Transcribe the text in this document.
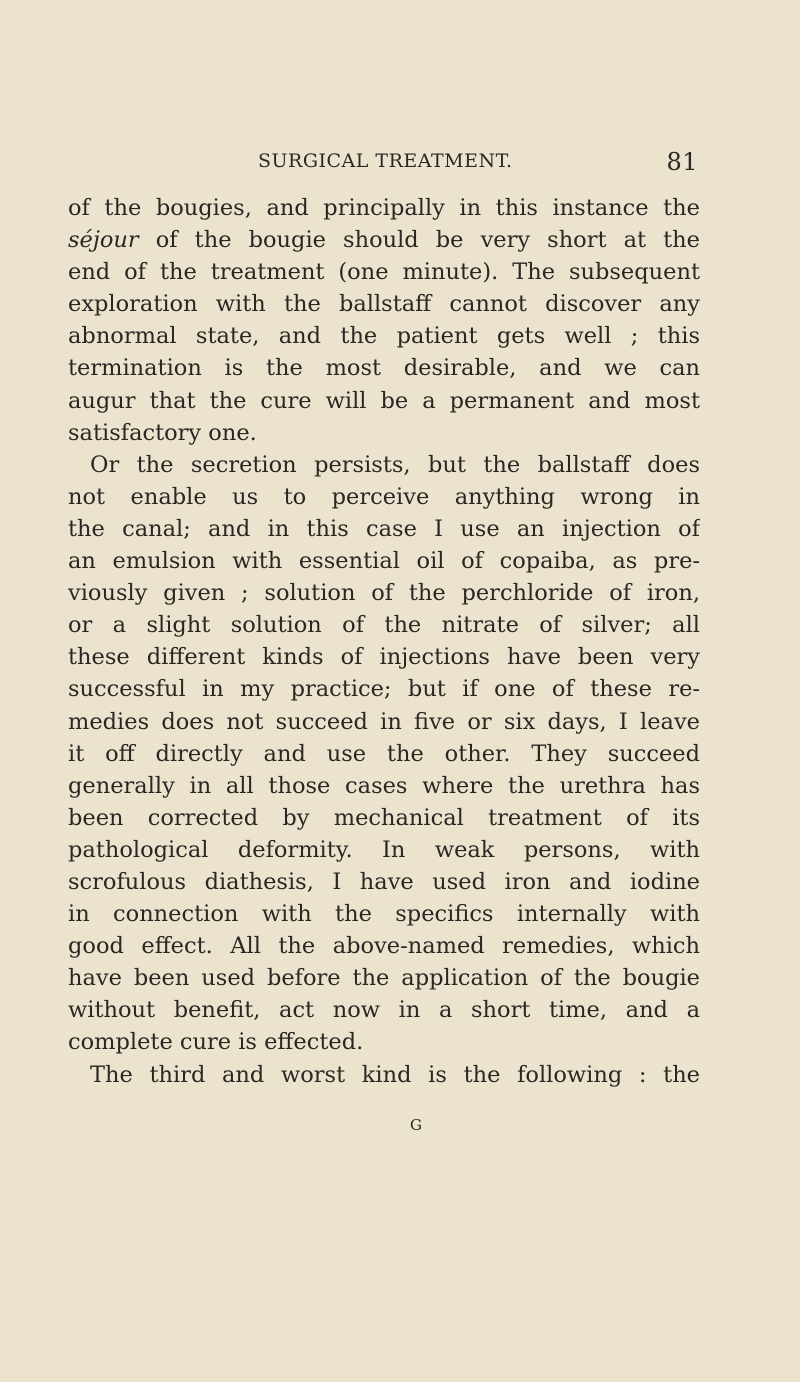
SURGICAL TREATMENT.	81
of the bougies, and principally in this instance the
séjour of the bougie should be very short at the
end of the treatment (one minute). The subsequent
exploration with the ballstaff cannot discover any
abnormal state, and the patient gets well ; this
termination is the most desirable, and we can
augur that the cure will be a permanent and most
satisfactory one.
Or the secretion persists, but the ballstaff does
not enable us to perceive anything wrong in
the canal; and in this case I use an injection of
an emulsion with essential oil of copaiba, as pre-
viously given ; solution of the perchloride of iron,
or a slight solution of the nitrate of silver; all
these different kinds of injections have been very
successful in my practice; but if one of these re-
medies does not succeed in five or six days, I leave
it off directly and use the other. They succeed
generally in all those cases where the urethra has
been corrected by mechanical treatment of its
pathological deformity. In weak persons, with
scrofulous diathesis, I have used iron and iodine
in connection with the specifics internally with
good effect. All the above-named remedies, which
have been used before the application of the bougie
without benefit, act now in a short time, and a
complete cure is effected.
The third and worst kind is the following : the
G
